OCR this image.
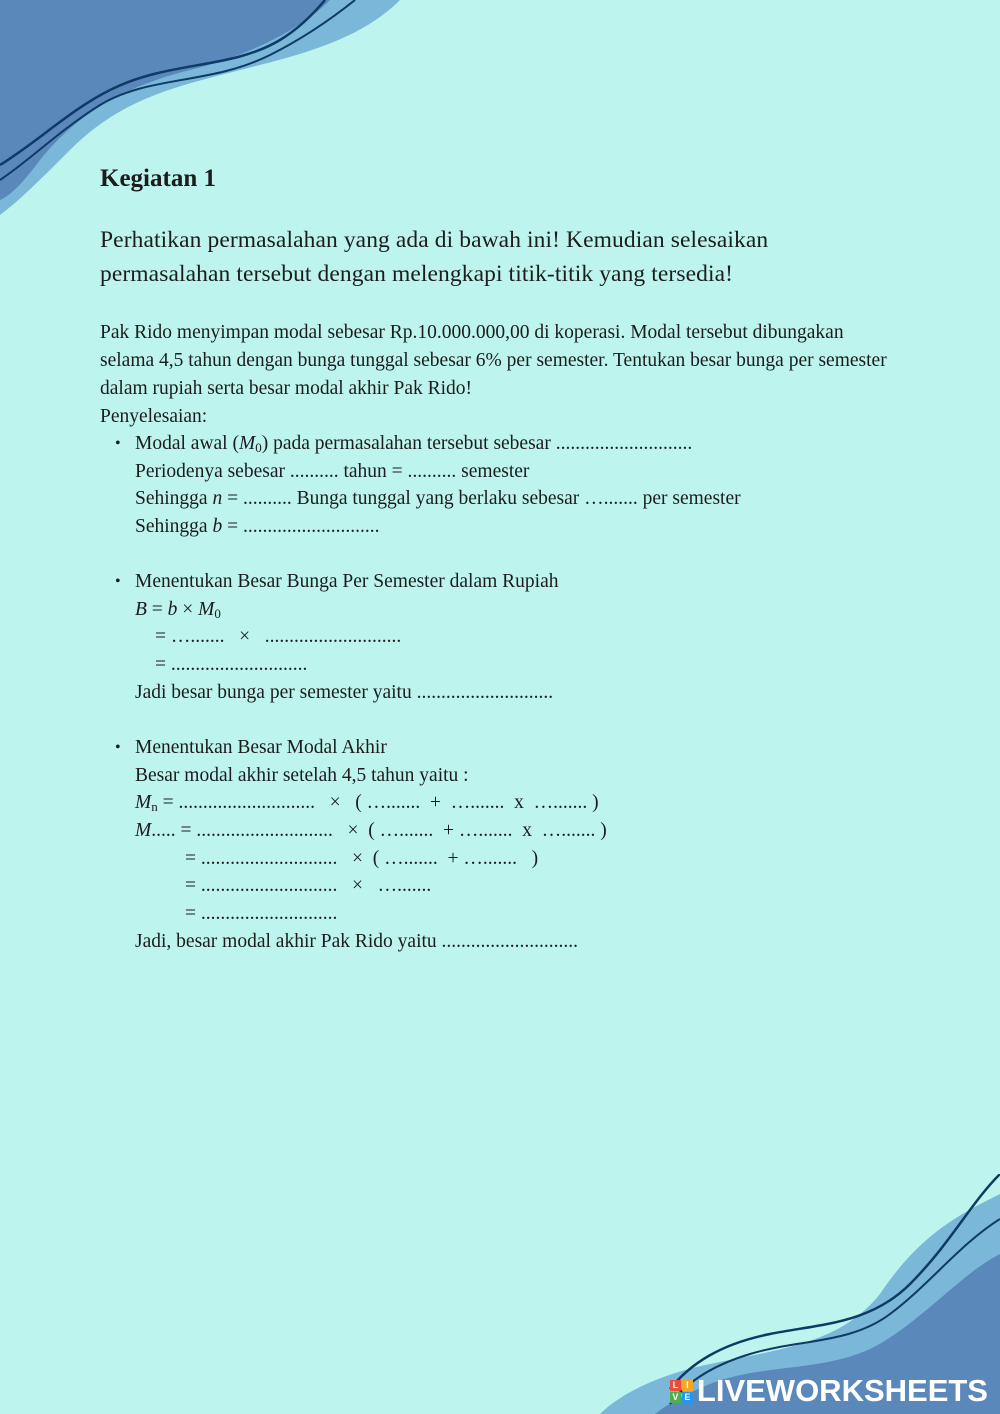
Kegiatan 1

Perhatikan permasalahan yang ada di bawah ini! Kemudian selesaikan permasalahan tersebut dengan melengkapi titik-titik yang tersedia!

Pak Rido menyimpan modal sebesar Rp.10.000.000,00 di koperasi. Modal tersebut dibungakan selama 4,5 tahun dengan bunga tunggal sebesar 6% per semester. Tentukan besar bunga per semester dalam rupiah serta besar modal akhir Pak Rido!

Penyelesaian:

• Modal awal $(M_0)$ pada permasalahan tersebut sebesar ............................
Periodenya sebesar .......... tahun = .......... semester
Sehingga n = .......... Bunga tunggal yang berlaku sebesar …....... per semester
Sehingga b = ............................
• Menentukan Besar Bunga Per Semester dalam Rupiah
$B = b \times M_0$
= ….......   ×   ............................
= ............................
Jadi besar bunga per semester yaitu ............................
• Menentukan Besar Modal Akhir
Besar modal akhir setelah 4,5 tahun yaitu :
$M_n$ = ............................   ×   ( ….......  +  ….......  x  …....... )
M..... = ............................   ×  ( ….......  + ….......  x  …....... )
= ............................   ×  ( ….......  + ….......   )
= ............................   ×   ….......
= ............................
Jadi, besar modal akhir Pak Rido yaitu ............................
L I
V E LIVEWORKSHEETS
